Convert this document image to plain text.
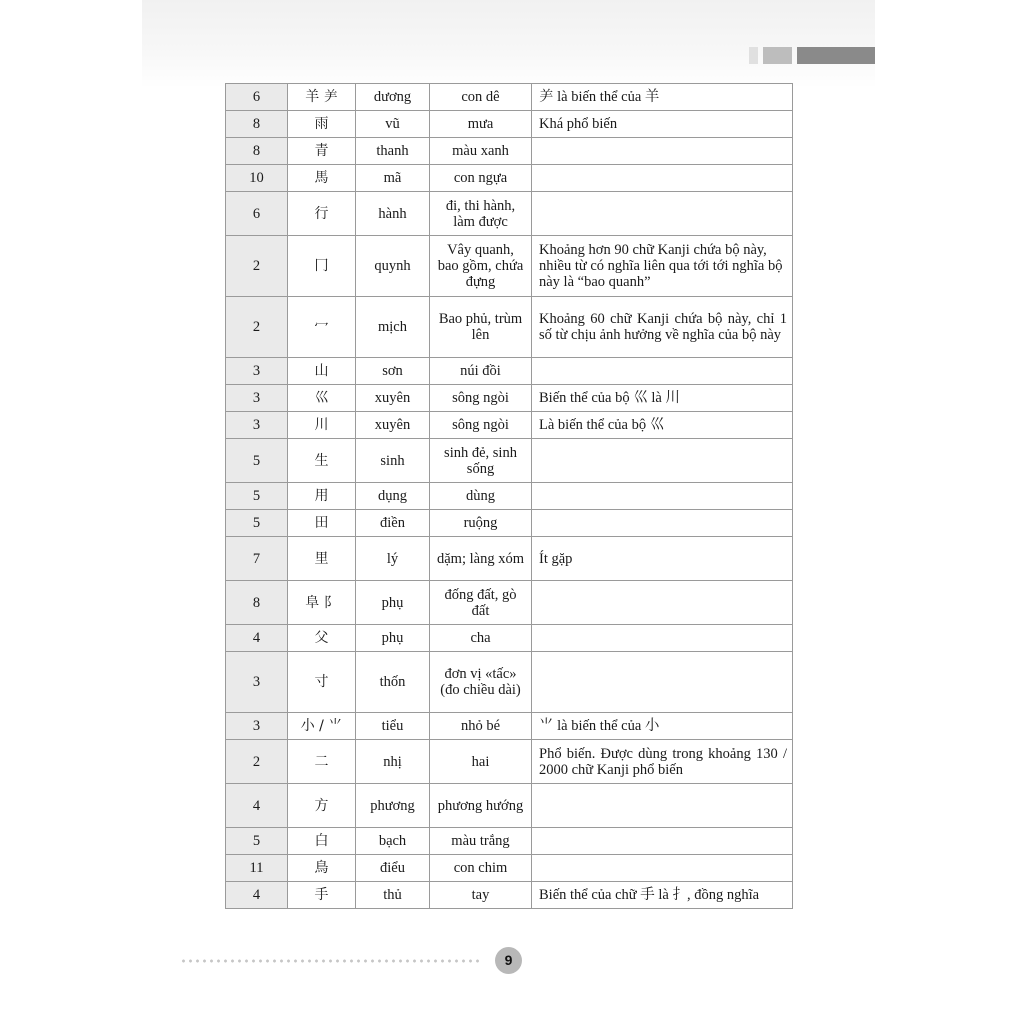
6	羊 ⺶	dương	con dê	⺶ là biến thể của 羊
8	雨	vũ	mưa	Khá phổ biến
8	青	thanh	màu xanh	
10	馬	mã	con ngựa	
6	行	hành	đi, thi hành, làm được	
2	冂	quynh	Vây quanh, bao gồm, chứa đựng	Khoảng hơn 90 chữ Kanji chứa bộ này, nhiều từ có nghĩa liên qua tới tới nghĩa bộ này là “bao quanh”
2	冖	mịch	Bao phủ, trùm lên	Khoảng 60 chữ Kanji chứa bộ này, chỉ 1 số từ chịu ảnh hưởng về nghĩa của bộ này
3	山	sơn	núi đồi	
3	巛	xuyên	sông ngòi	Biến thể của bộ 巛 là 川
3	川	xuyên	sông ngòi	Là biến thể của bộ 巛
5	生	sinh	sinh đẻ, sinh sống	
5	用	dụng	dùng	
5	田	điền	ruộng	
7	里	lý	dặm; làng xóm	Ít gặp
8	阜 阝	phụ	đống đất, gò đất	
4	父	phụ	cha	
3	寸	thốn	đơn vị «tấc» (đo chiều dài)	
3	小 / ⺌	tiểu	nhỏ bé	⺌ là biến thể của 小
2	二	nhị	hai	Phổ biến. Được dùng trong khoảng 130 / 2000 chữ Kanji phổ biến
4	方	phương	phương hướng	
5	白	bạch	màu trắng	
11	鳥	điểu	con chim	
4	手	thủ	tay	Biến thể của chữ 手 là 扌, đồng nghĩa
9
